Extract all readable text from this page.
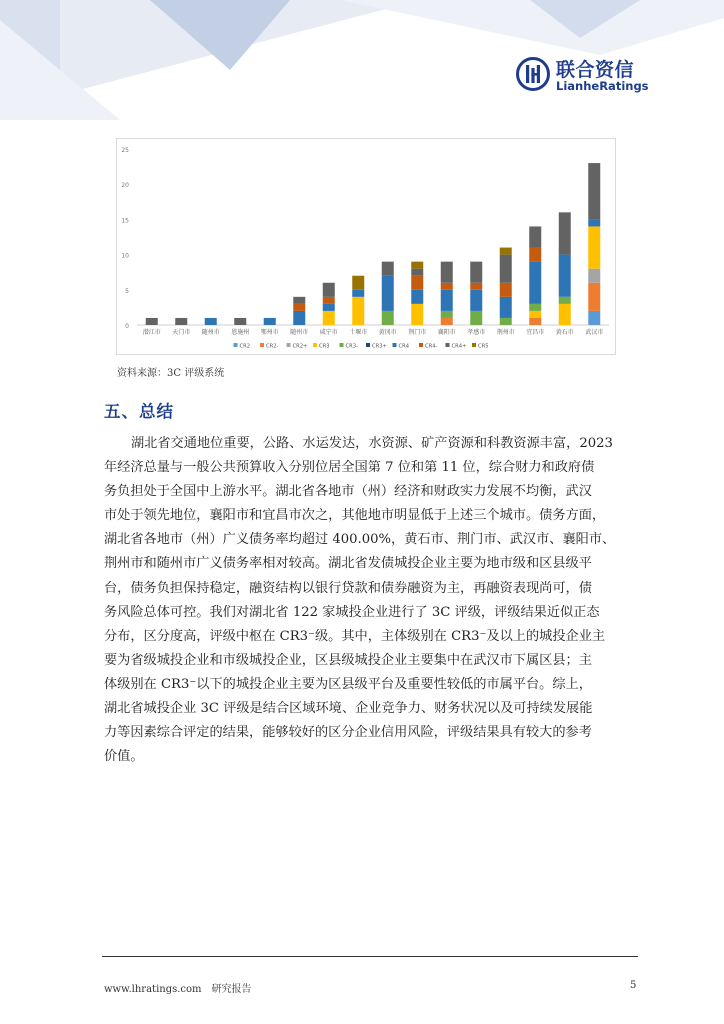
联合资信
LianheRatings
0
5
10
15
20
25
潜江市 天门市 随州市 恩施州 鄂州市 随州市 咸宁市 十堰市 黄冈市 荆门市 襄阳市 孝感市 荆州市 宜昌市 黄石市 武汉市
CR2	CR2-	CR2+ CR3	CR3-	CR3+ CR4	CR4-	CR4+ CR5
资料来源：3C 评级系统
五、总结
湖北省交通地位重要，公路、水运发达，水资源、矿产资源和科教资源丰富，2023
年经济总量与一般公共预算收入分别位居全国第 7 位和第 11 位，综合财力和政府债
务负担处于全国中上游水平。湖北省各地市（州）经济和财政实力发展不均衡，武汉
市处于领先地位，襄阳市和宜昌市次之，其他地市明显低于上述三个城市。债务方面，
湖北省各地市（州）广义债务率均超过 400.00%，黄石市、荆门市、武汉市、襄阳市、
荆州市和随州市广义债务率相对较高。湖北省发债城投企业主要为地市级和区县级平
台，债务负担保持稳定，融资结构以银行贷款和债券融资为主，再融资表现尚可，债
务风险总体可控。我们对湖北省 122 家城投企业进行了 3C 评级，评级结果近似正态
分布，区分度高，评级中枢在 CR3⁻级。其中，主体级别在 CR3⁻及以上的城投企业主
要为省级城投企业和市级城投企业，区县级城投企业主要集中在武汉市下属区县；主
体级别在 CR3⁻以下的城投企业主要为区县级平台及重要性较低的市属平台。综上，
湖北省城投企业 3C 评级是结合区域环境、企业竞争力、财务状况以及可持续发展能
力等因素综合评定的结果，能够较好的区分企业信用风险，评级结果具有较大的参考
价值。
www.lhratings.com　研究报告	5
